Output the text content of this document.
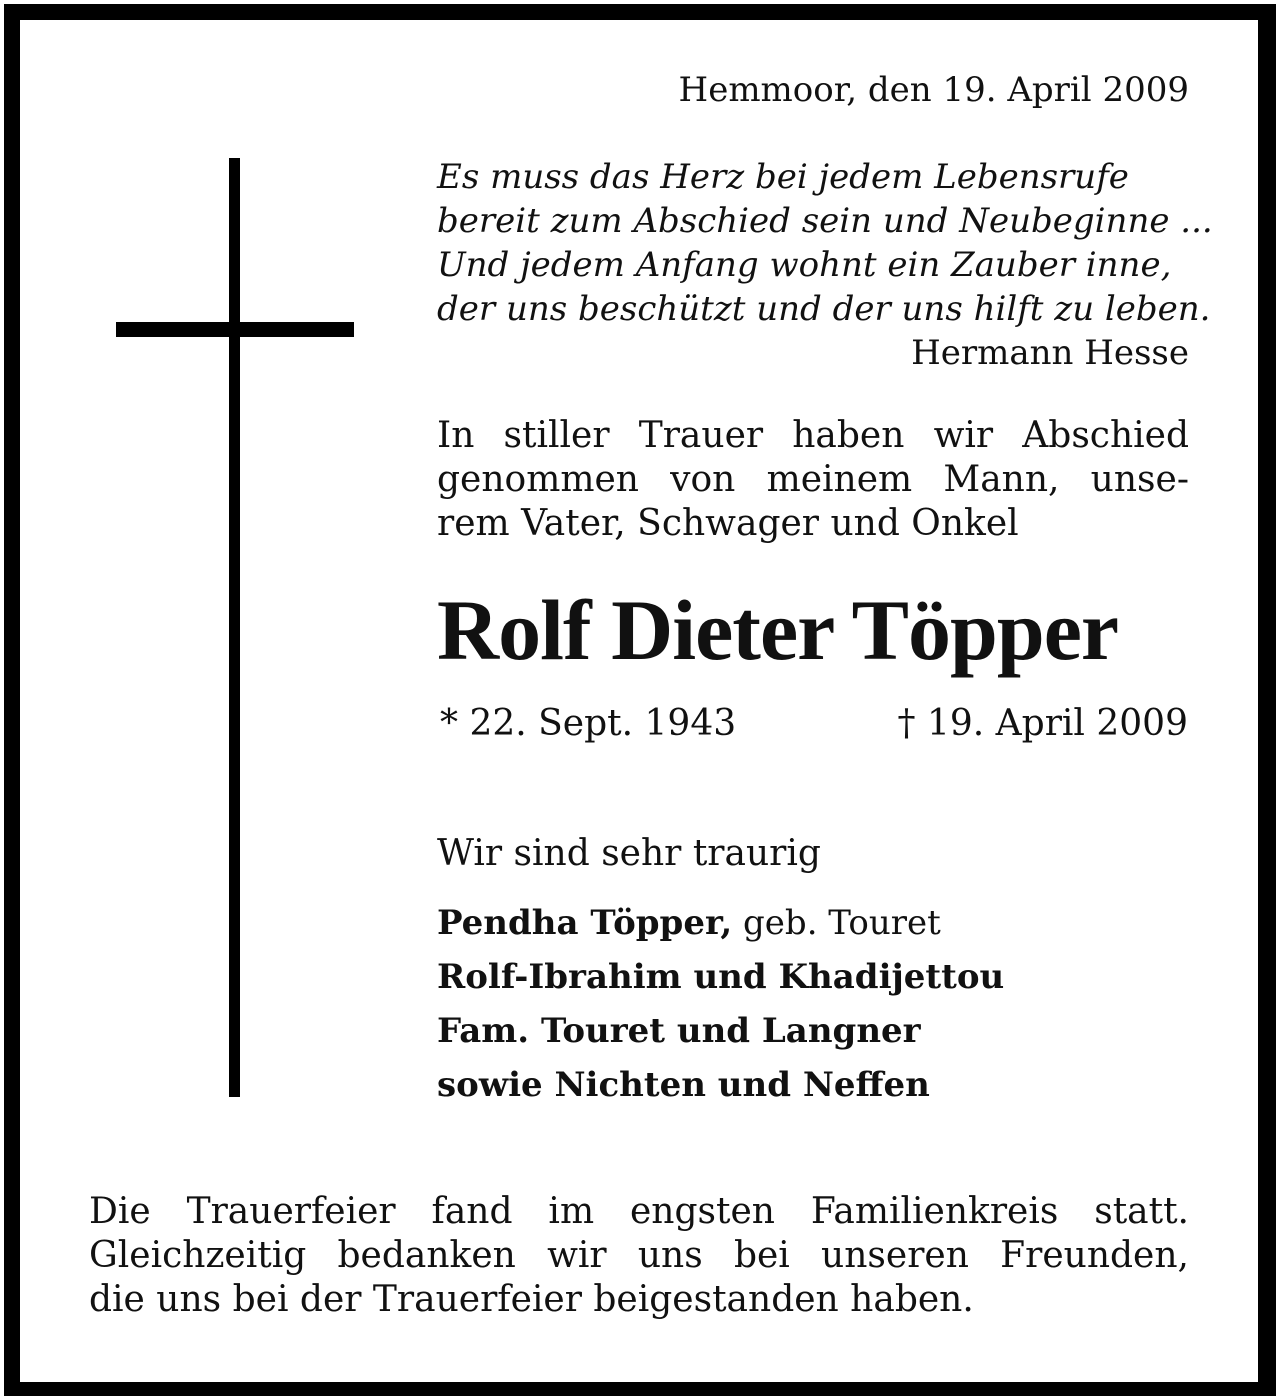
Hemmoor, den 19. April 2009
Es muss das Herz bei jedem Lebensrufe
bereit zum Abschied sein und Neubeginne ...
Und jedem Anfang wohnt ein Zauber inne,
der uns beschützt und der uns hilft zu leben.
Hermann Hesse
In stiller Trauer haben wir Abschied
genommen von meinem Mann, unse-
rem Vater, Schwager und Onkel
Rolf Dieter Töpper
* 22. Sept. 1943	† 19. April 2009
Wir sind sehr traurig
Pendha Töpper, geb. Touret
Rolf-Ibrahim und Khadijettou
Fam. Touret und Langner
sowie Nichten und Neffen
Die Trauerfeier fand im engsten Familienkreis statt.
Gleichzeitig bedanken wir uns bei unseren Freunden,
die uns bei der Trauerfeier beigestanden haben.
